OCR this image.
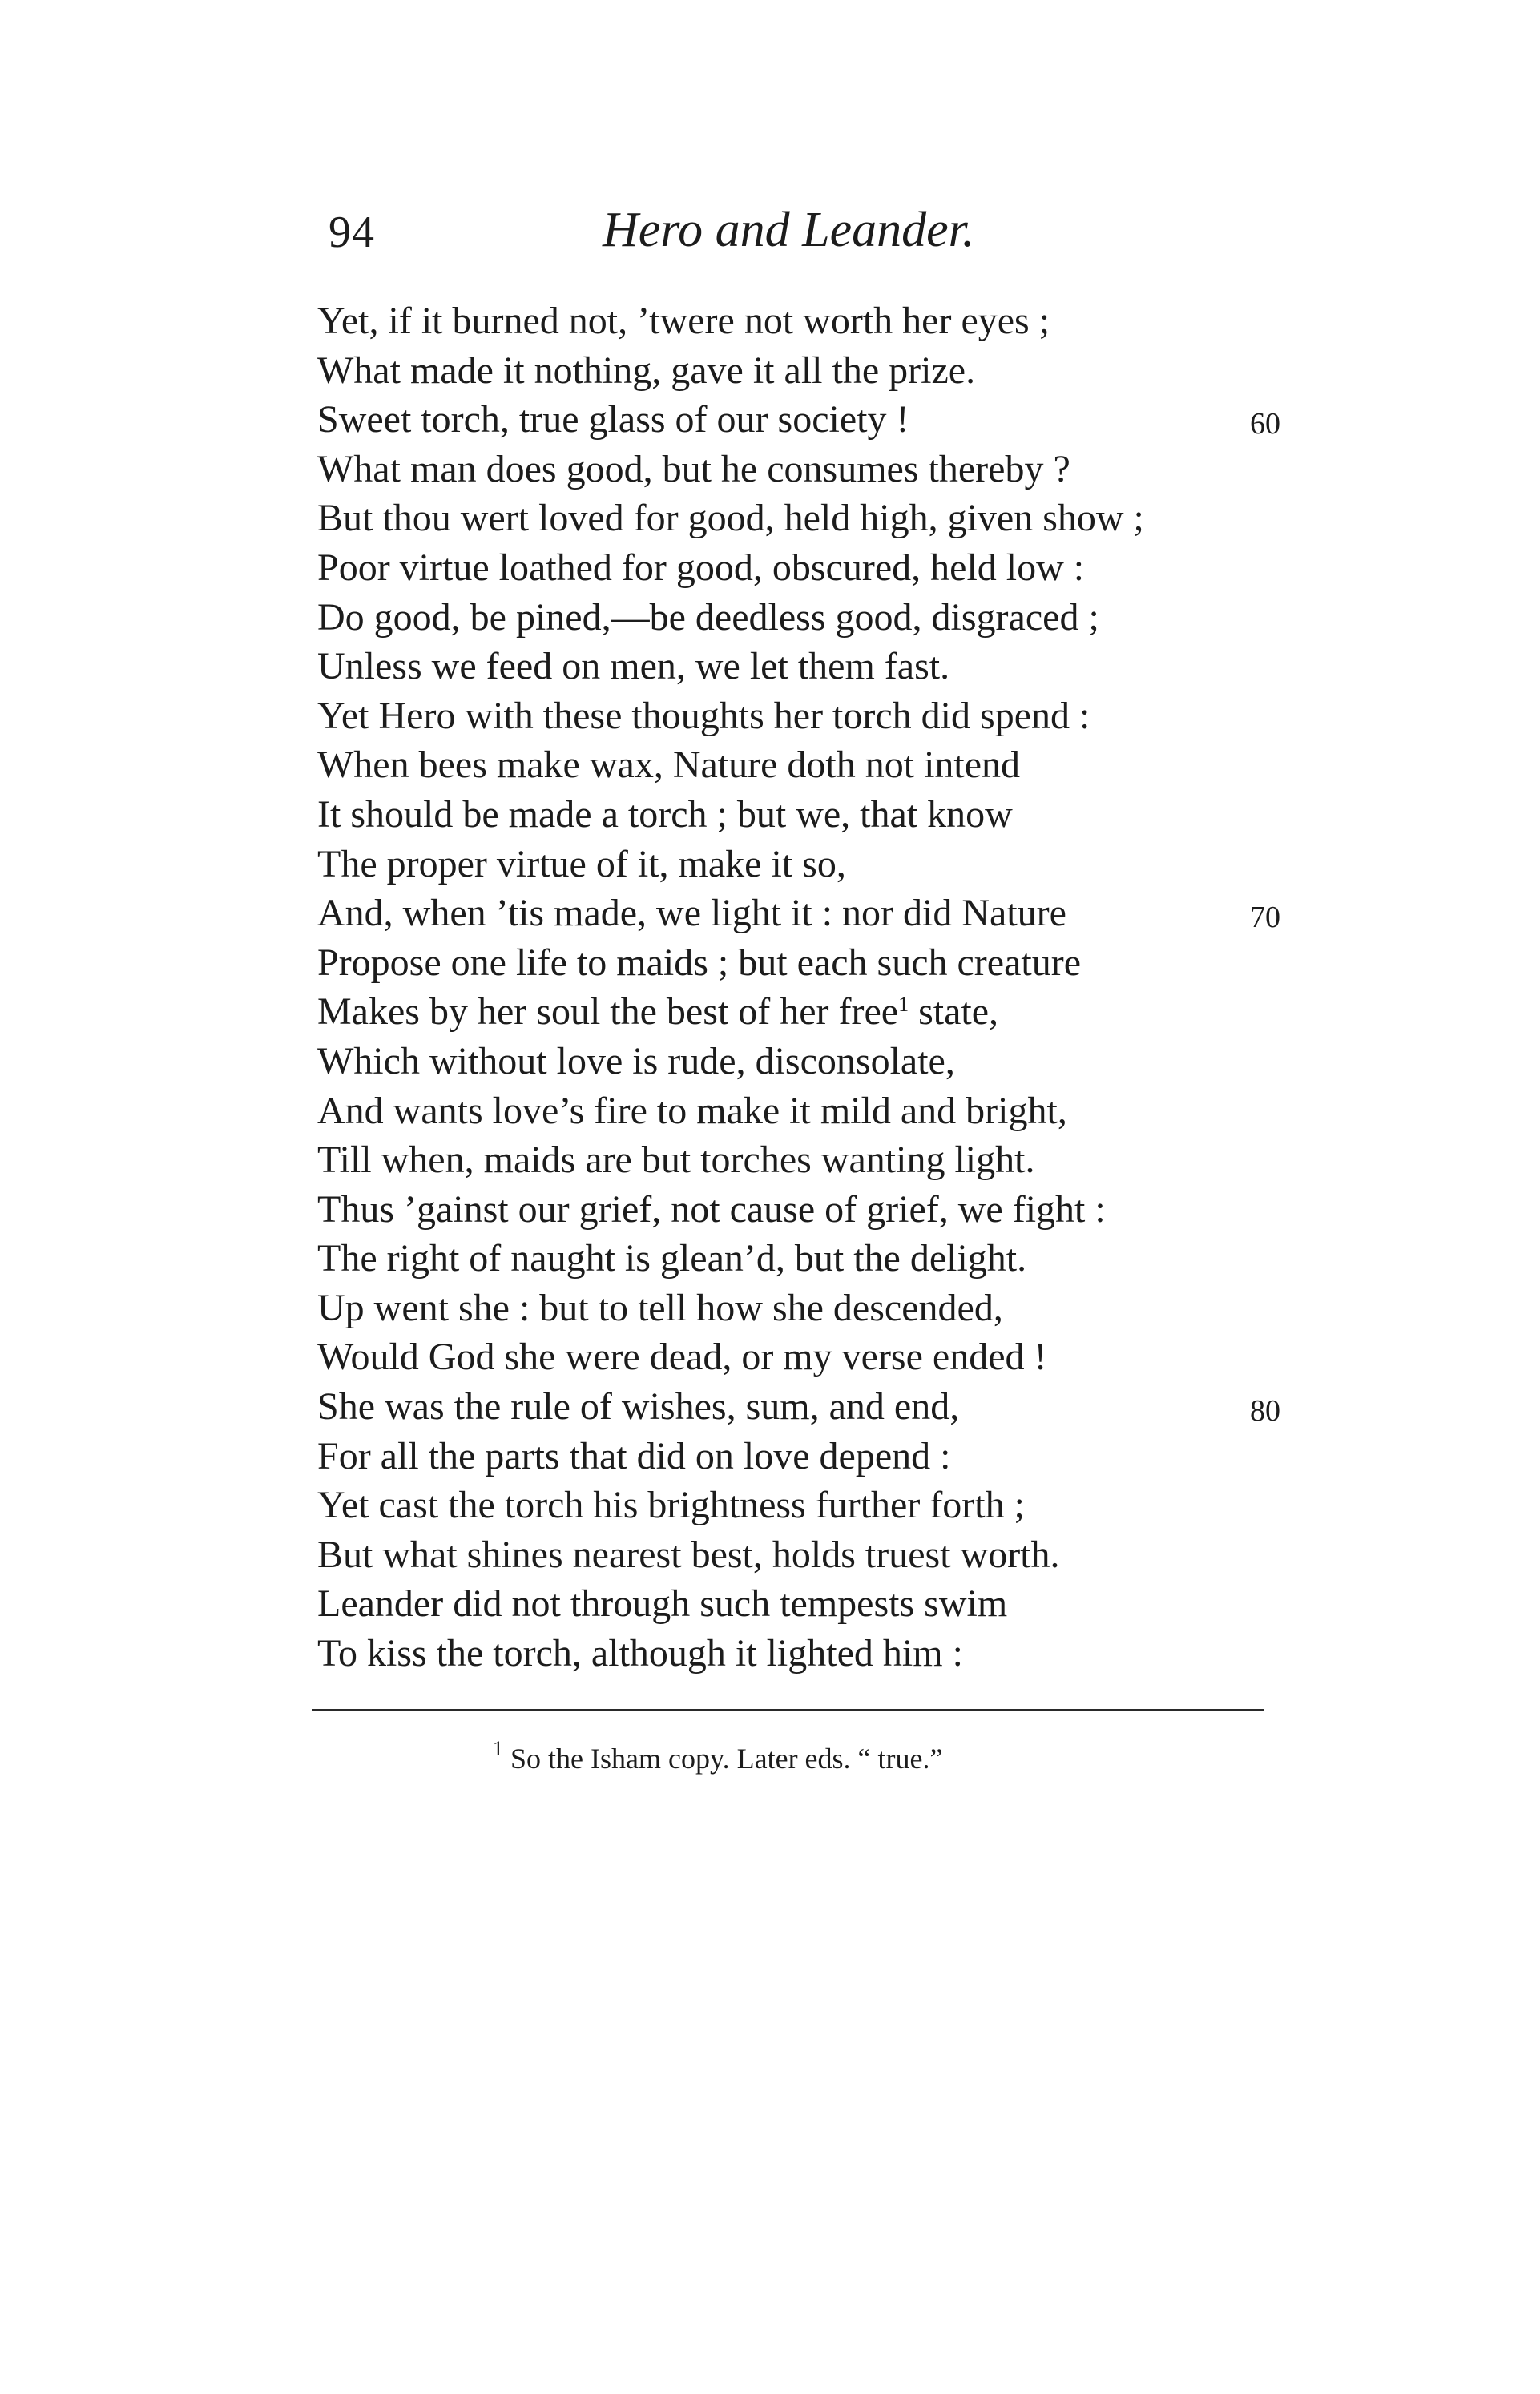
94	Hero and Leander.
Yet, if it burned not, ’twere not worth her eyes ;
What made it nothing, gave it all the prize.
Sweet torch, true glass of our society !	60
What man does good, but he consumes thereby ?
But thou wert loved for good, held high, given show ;
Poor virtue loathed for good, obscured, held low :
Do good, be pined,—be deedless good, disgraced ;
Unless we feed on men, we let them fast.
Yet Hero with these thoughts her torch did spend :
When bees make wax, Nature doth not intend
It should be made a torch ; but we, that know
The proper virtue of it, make it so,
And, when ’tis made, we light it : nor did Nature	70
Propose one life to maids ; but each such creature
Makes by her soul the best of her free$^1$ state,
Which without love is rude, disconsolate,
And wants love’s fire to make it mild and bright,
Till when, maids are but torches wanting light.
Thus ’gainst our grief, not cause of grief, we fight :
The right of naught is glean’d, but the delight.
Up went she : but to tell how she descended,
Would God she were dead, or my verse ended !
She was the rule of wishes, sum, and end,	80
For all the parts that did on love depend :
Yet cast the torch his brightness further forth ;
But what shines nearest best, holds truest worth.
Leander did not through such tempests swim
To kiss the torch, although it lighted him :
$^1$ So the Isham copy. Later eds. “ true.”
